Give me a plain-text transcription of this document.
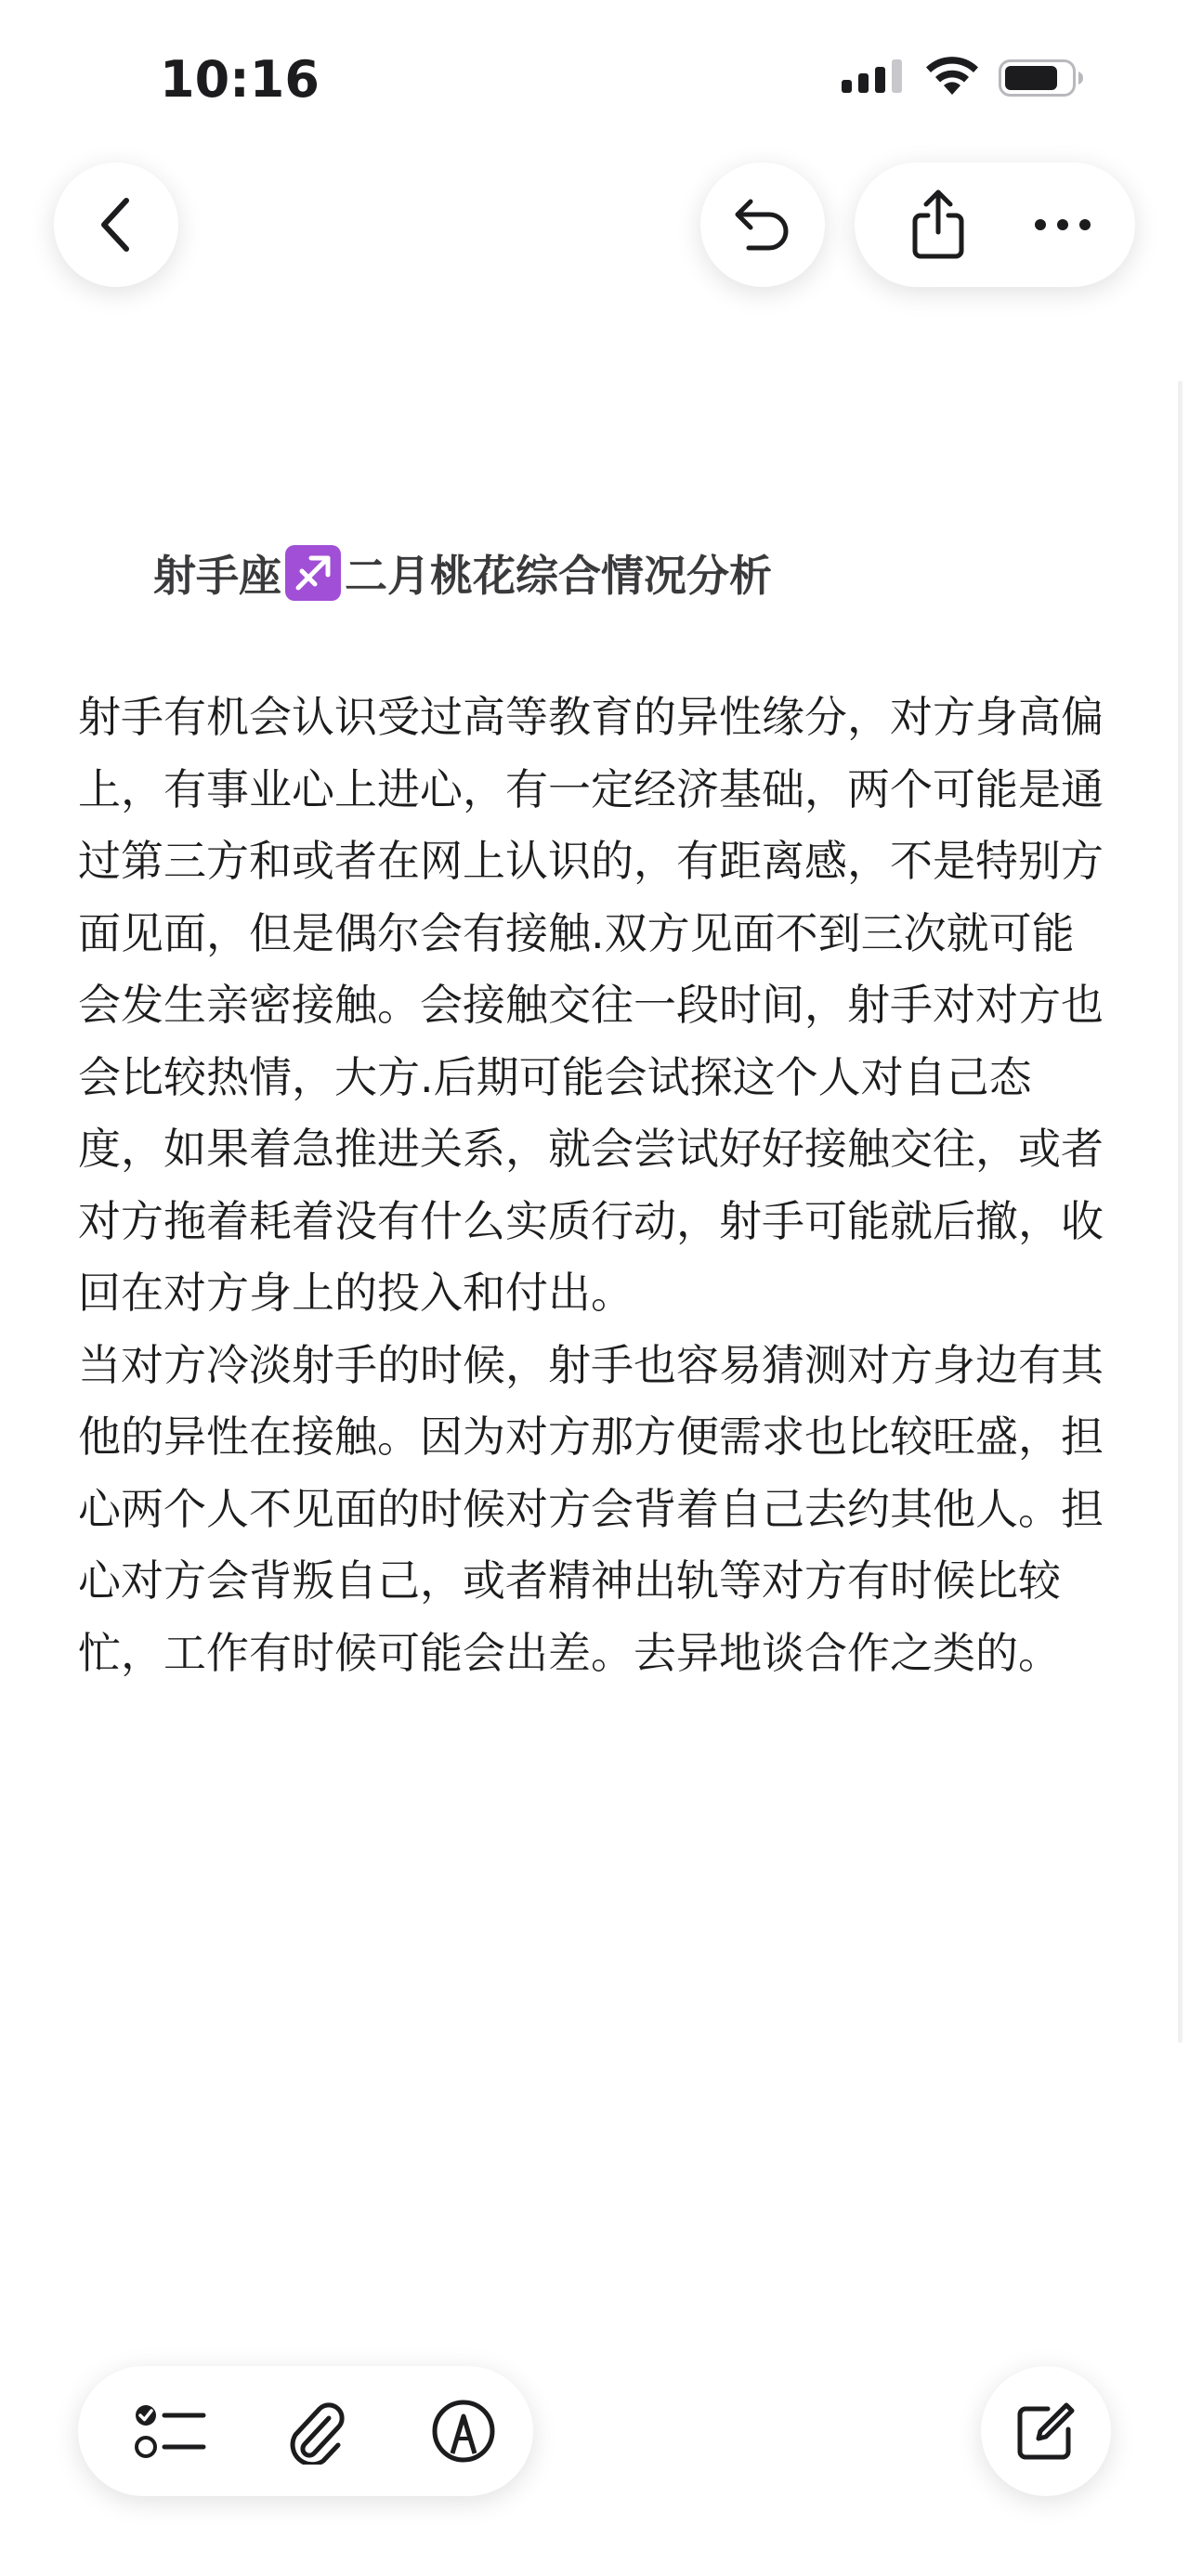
10:16
射手座 二月桃花综合情况分析

射手有机会认识受过高等教育的异性缘分，对方身高偏上，有事业心上进心，有一定经济基础，两个可能是通过第三方和或者在网上认识的，有距离感，不是特别方面见面，但是偶尔会有接触.双方见面不到三次就可能会发生亲密接触。会接触交往一段时间，射手对对方也会比较热情，大方.后期可能会试探这个人对自己态度，如果着急推进关系，就会尝试好好接触交往，或者对方拖着耗着没有什么实质行动，射手可能就后撤，收回在对方身上的投入和付出。

当对方冷淡射手的时候，射手也容易猜测对方身边有其他的异性在接触。因为对方那方便需求也比较旺盛，担心两个人不见面的时候对方会背着自己去约其他人。担心对方会背叛自己，或者精神出轨等对方有时候比较忙，工作有时候可能会出差。去异地谈合作之类的。
